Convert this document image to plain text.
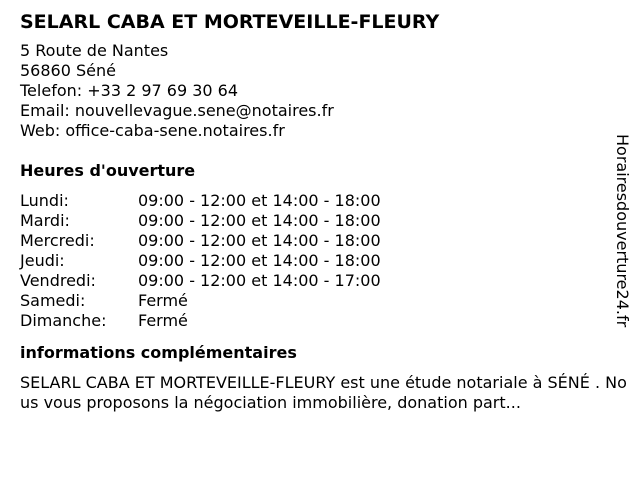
SELARL CABA ET MORTEVEILLE-FLEURY
5 Route de Nantes
56860 Séné
Telefon: +33 2 97 69 30 64
Email: nouvellevague.sene@notaires.fr
Web: office-caba-sene.notaires.fr
Heures d'ouverture
Lundi:	09:00 - 12:00 et 14:00 - 18:00
Mardi:	09:00 - 12:00 et 14:00 - 18:00
Mercredi:	09:00 - 12:00 et 14:00 - 18:00
Jeudi:	09:00 - 12:00 et 14:00 - 18:00
Vendredi:	09:00 - 12:00 et 14:00 - 17:00
Samedi:	Fermé
Dimanche:	Fermé
informations complémentaires
SELARL CABA ET MORTEVEILLE-FLEURY est une étude notariale à SÉNÉ . Nous vous proposons la négociation immobilière, donation part...
Horairesdouverture24.fr
